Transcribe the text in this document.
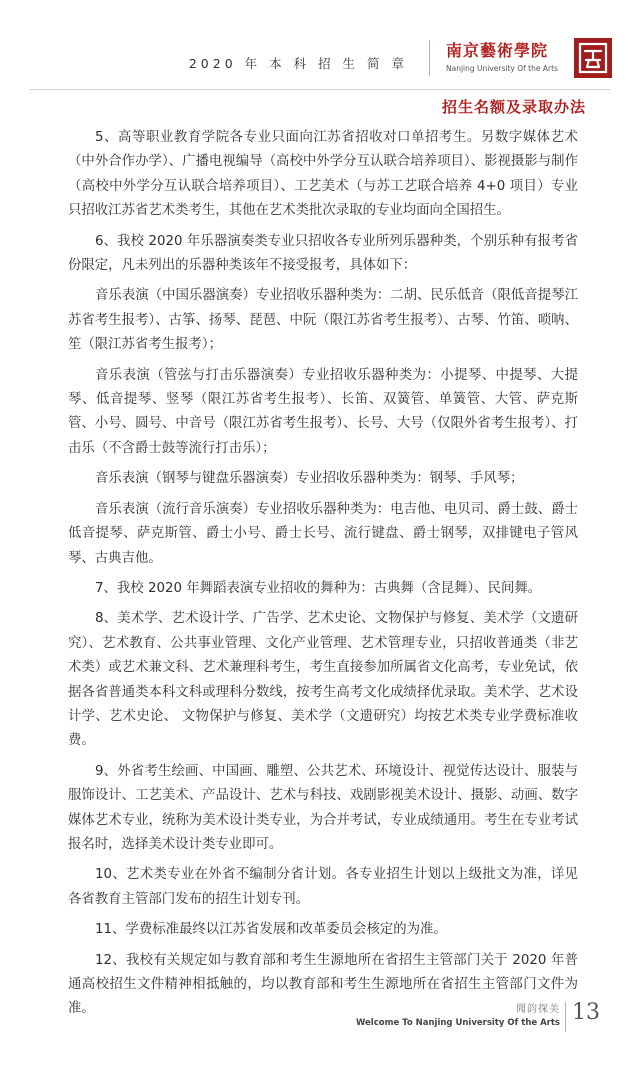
2020 年 本 科 招 生 简 章
南京藝術學院
Nanjing University Of the Arts
招生名额及录取办法

5、高等职业教育学院各专业只面向江苏省招收对口单招考生。另数字媒体艺术（中外合作办学）、广播电视编导（高校中外学分互认联合培养项目）、影视摄影与制作（高校中外学分互认联合培养项目）、工艺美术（与苏工艺联合培养 4+0 项目）专业只招收江苏省艺术类考生，其他在艺术类批次录取的专业均面向全国招生。

6、我校 2020 年乐器演奏类专业只招收各专业所列乐器种类，个别乐种有报考省份限定，凡未列出的乐器种类该年不接受报考，具体如下：

音乐表演（中国乐器演奏）专业招收乐器种类为：二胡、民乐低音（限低音提琴江苏省考生报考）、古筝、扬琴、琵琶、中阮（限江苏省考生报考）、古琴、竹笛、唢呐、笙（限江苏省考生报考）；

音乐表演（管弦与打击乐器演奏）专业招收乐器种类为：小提琴、中提琴、大提琴、低音提琴、竖琴（限江苏省考生报考）、长笛、双簧管、单簧管、大管、萨克斯管、小号、圆号、中音号（限江苏省考生报考）、长号、大号（仅限外省考生报考）、打击乐（不含爵士鼓等流行打击乐）；

音乐表演（钢琴与键盘乐器演奏）专业招收乐器种类为：钢琴、手风琴；

音乐表演（流行音乐演奏）专业招收乐器种类为：电吉他、电贝司、爵士鼓、爵士低音提琴、萨克斯管、爵士小号、爵士长号、流行键盘、爵士钢琴，双排键电子管风琴、古典吉他。

7、我校 2020 年舞蹈表演专业招收的舞种为：古典舞（含昆舞）、民间舞。

8、美术学、艺术设计学、广告学、艺术史论、文物保护与修复、美术学（文遗研究）、艺术教育、公共事业管理、文化产业管理、艺术管理专业，只招收普通类（非艺术类）或艺术兼文科、艺术兼理科考生，考生直接参加所属省文化高考，专业免试，依据各省普通类本科文科或理科分数线，按考生高考文化成绩择优录取。美术学、艺术设计学、艺术史论、 文物保护与修复、美术学（文遗研究）均按艺术类专业学费标准收费。

9、外省考生绘画、中国画、雕塑、公共艺术、环境设计、视觉传达设计、服装与服饰设计、工艺美术、产品设计、艺术与科技、戏剧影视美术设计、摄影、动画、数字媒体艺术专业，统称为美术设计类专业，为合并考试，专业成绩通用。考生在专业考试报名时，选择美术设计类专业即可。

10、艺术类专业在外省不编制分省计划。各专业招生计划以上级批文为准，详见各省教育主管部门发布的招生计划专刊。

11、学费标准最终以江苏省发展和改革委员会核定的为准。

12、我校有关规定如与教育部和考生生源地所在省招生主管部门关于 2020 年普通高校招生文件精神相抵触的，均以教育部和考生生源地所在省招生主管部门文件为准。	聞韵探美
Welcome To Nanjing University Of the Arts 13
